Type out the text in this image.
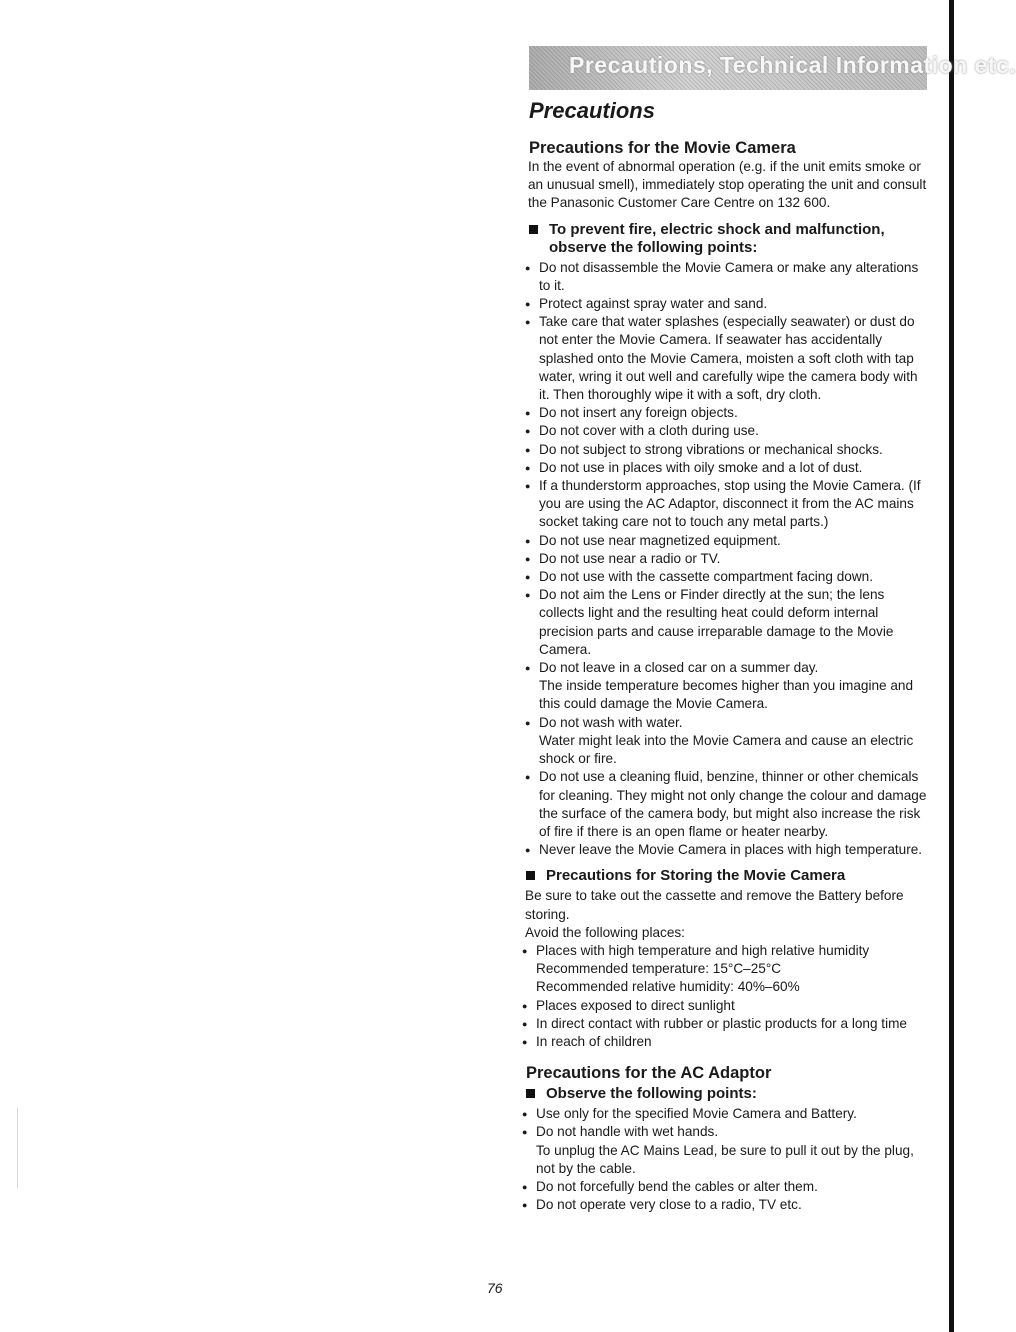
Precautions, Technical Information etc.
Precautions
Precautions for the Movie Camera
In the event of abnormal operation (e.g. if the unit emits smoke or an unusual smell), immediately stop operating the unit and consult the Panasonic Customer Care Centre on 132 600.
To prevent fire, electric shock and malfunction, observe the following points:
● Do not disassemble the Movie Camera or make any alterations to it.
● Protect against spray water and sand.
● Take care that water splashes (especially seawater) or dust do not enter the Movie Camera. If seawater has accidentally splashed onto the Movie Camera, moisten a soft cloth with tap water, wring it out well and carefully wipe the camera body with it. Then thoroughly wipe it with a soft, dry cloth.
● Do not insert any foreign objects.
● Do not cover with a cloth during use.
● Do not subject to strong vibrations or mechanical shocks.
● Do not use in places with oily smoke and a lot of dust.
● If a thunderstorm approaches, stop using the Movie Camera. (If you are using the AC Adaptor, disconnect it from the AC mains socket taking care not to touch any metal parts.)
● Do not use near magnetized equipment.
● Do not use near a radio or TV.
● Do not use with the cassette compartment facing down.
● Do not aim the Lens or Finder directly at the sun; the lens collects light and the resulting heat could deform internal precision parts and cause irreparable damage to the Movie Camera.
● Do not leave in a closed car on a summer day.
The inside temperature becomes higher than you imagine and this could damage the Movie Camera.
● Do not wash with water.
Water might leak into the Movie Camera and cause an electric shock or fire.
● Do not use a cleaning fluid, benzine, thinner or other chemicals for cleaning. They might not only change the colour and damage the surface of the camera body, but might also increase the risk of fire if there is an open flame or heater nearby.
● Never leave the Movie Camera in places with high temperature.
Precautions for Storing the Movie Camera
Be sure to take out the cassette and remove the Battery before storing.
Avoid the following places:
● Places with high temperature and high relative humidity
Recommended temperature: 15°C–25°C
Recommended relative humidity: 40%–60%
● Places exposed to direct sunlight
● In direct contact with rubber or plastic products for a long time
● In reach of children
Precautions for the AC Adaptor
Observe the following points:
● Use only for the specified Movie Camera and Battery.
● Do not handle with wet hands.
To unplug the AC Mains Lead, be sure to pull it out by the plug, not by the cable.
● Do not forcefully bend the cables or alter them.
● Do not operate very close to a radio, TV etc.
76
